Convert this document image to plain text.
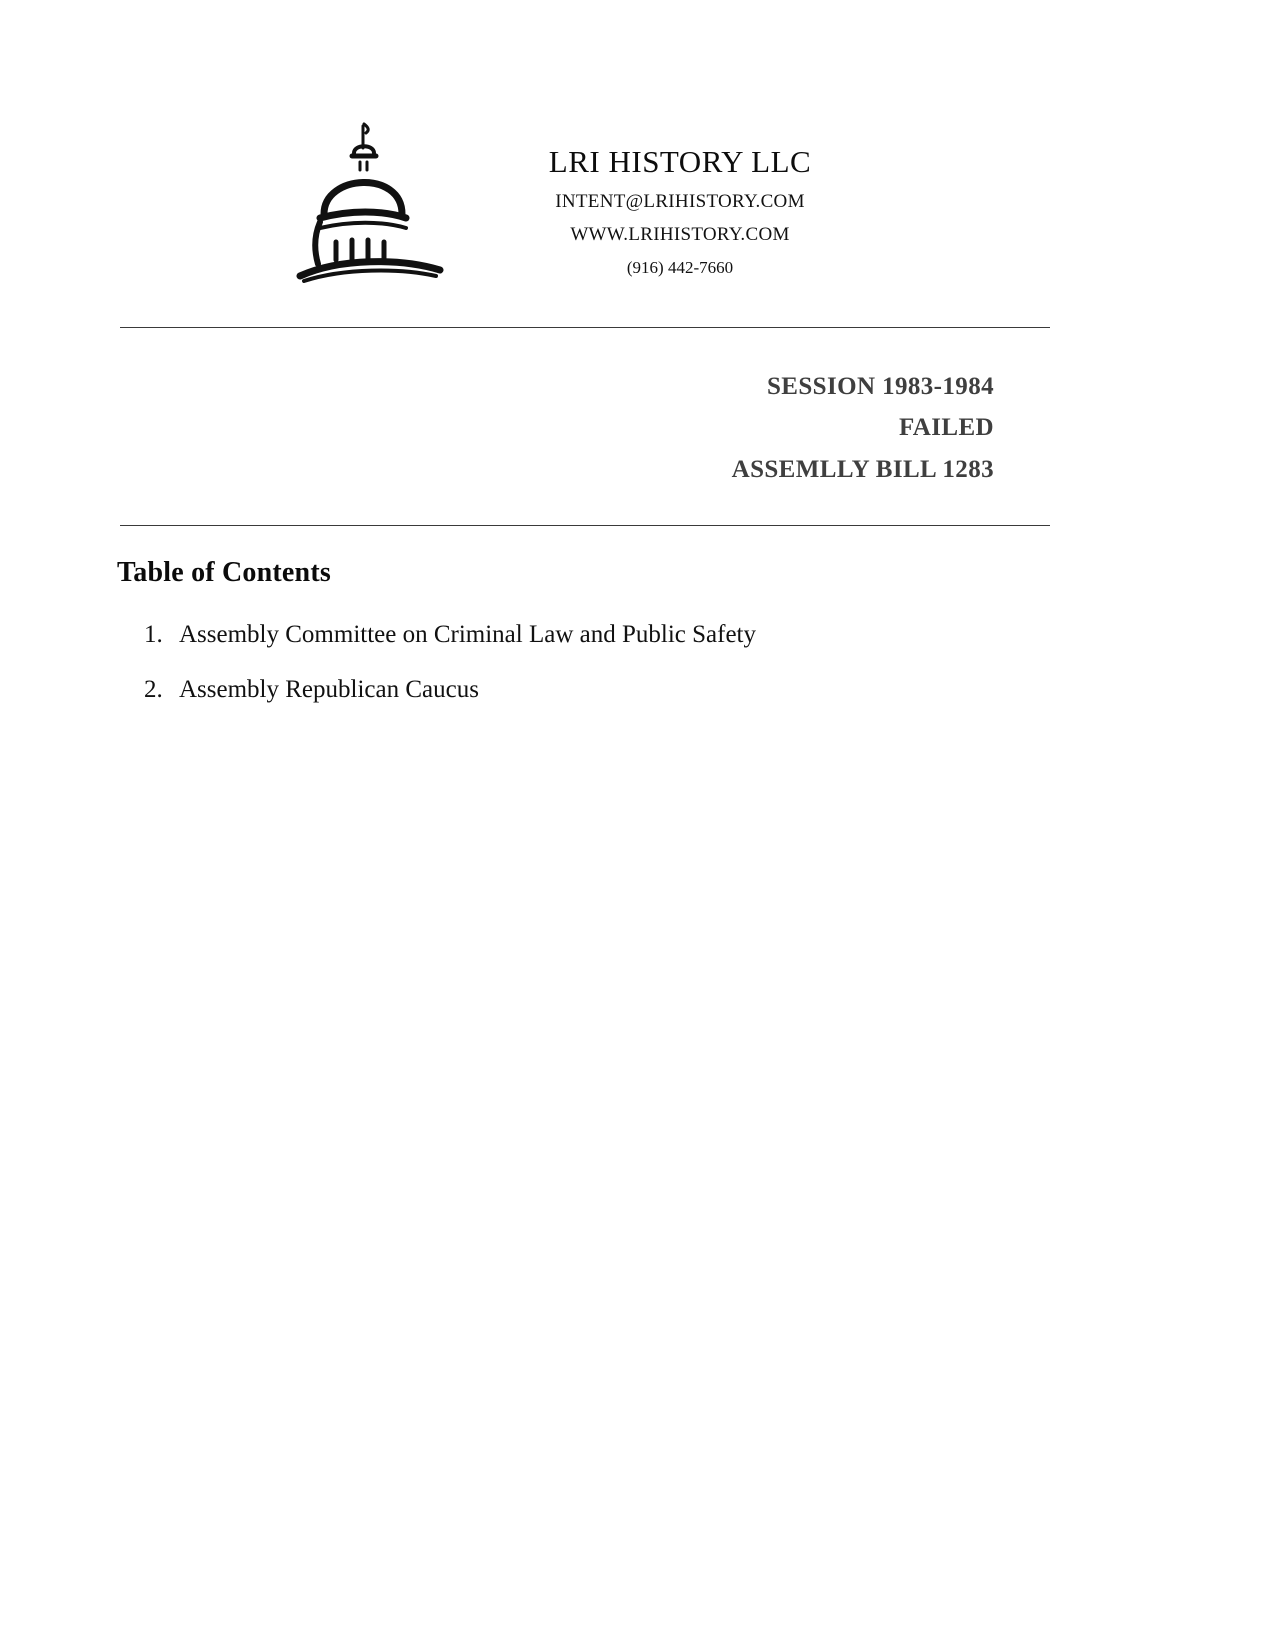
LRI HISTORY LLC
INTENT@LRIHISTORY.COM
WWW.LRIHISTORY.COM
(916) 442-7660
SESSION 1983-1984
FAILED
ASSEMLLY BILL 1283
Table of Contents
1. Assembly Committee on Criminal Law and Public Safety
2. Assembly Republican Caucus
